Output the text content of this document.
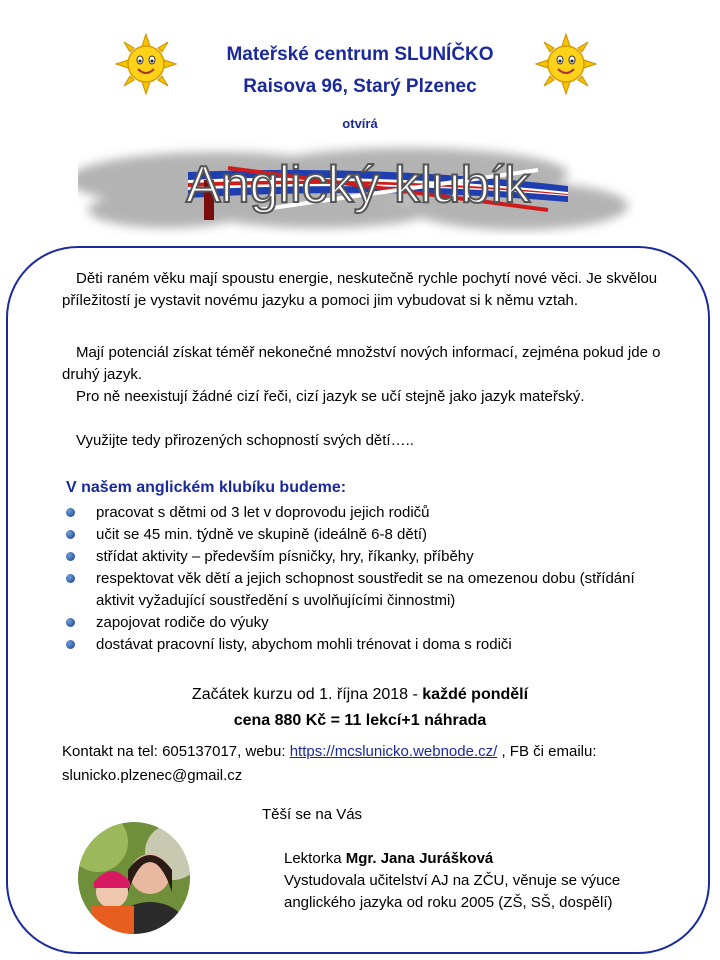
Mateřské centrum SLUNÍČKO
Raisova 96, Starý Plzenec
otvírá
Anglický klubík
Děti raném věku mají spoustu energie, neskutečně rychle pochytí nové věci. Je skvělou příležitostí je vystavit novému jazyku a pomoci jim vybudovat si k němu vztah.
Mají potenciál získat téměř nekonečné množství nových informací, zejména pokud jde o druhý jazyk.
Pro ně neexistují žádné cizí řeči, cizí jazyk se učí stejně jako jazyk mateřský.
Využijte tedy přirozených schopností svých dětí…..
V našem anglickém klubíku budeme:
pracovat s dětmi od 3 let v doprovodu jejich rodičů
učit se 45 min. týdně ve skupině (ideálně 6-8 dětí)
střídat aktivity – především písničky, hry, říkanky, příběhy
respektovat věk dětí a jejich schopnost soustředit se na omezenou dobu (střídání aktivit vyžadující soustředění s uvolňujícími činnostmi)
zapojovat rodiče do výuky
dostávat pracovní listy, abychom mohli trénovat i doma s rodiči
Začátek kurzu od 1. října 2018 - každé pondělí
cena 880 Kč = 11 lekcí+1 náhrada
Kontakt na tel: 605137017, webu: https://mcslunicko.webnode.cz/ , FB či emailu: slunicko.plzenec@gmail.cz
Těší se na Vás
Lektorka Mgr. Jana Jurášková
Vystudovala učitelství AJ na ZČU, věnuje se výuce anglického jazyka od roku 2005 (ZŠ, SŠ, dospělí)
